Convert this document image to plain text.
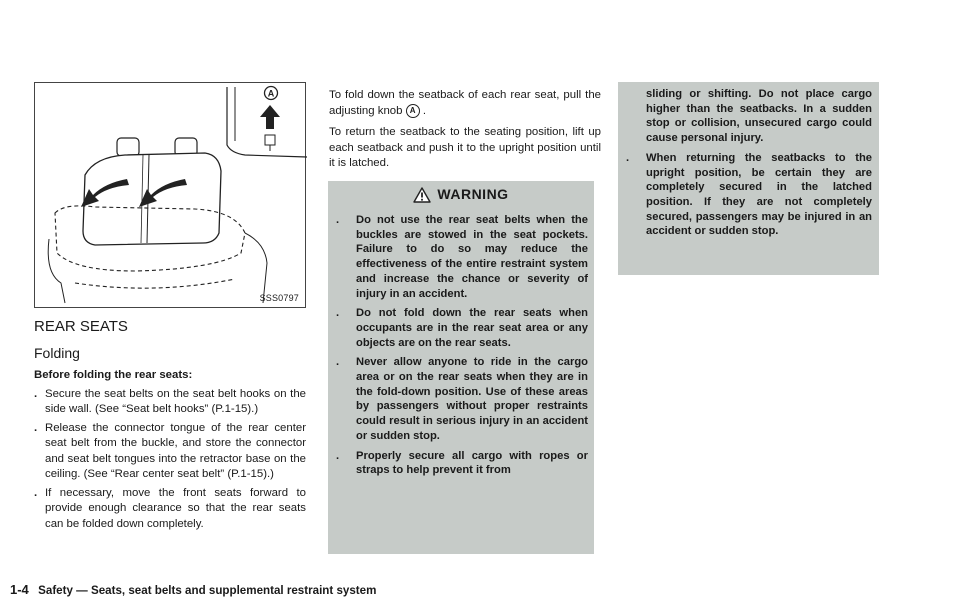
A
SSS0797
REAR SEATS
Folding
Before folding the rear seats:
. Secure the seat belts on the seat belt hooks on the side wall. (See “Seat belt hooks” (P.1-15).)
. Release the connector tongue of the rear center seat belt from the buckle, and store the connector and seat belt tongues into the retractor base on the ceiling. (See “Rear center seat belt” (P.1-15).)
. If necessary, move the front seats forward to provide enough clearance so that the rear seats can be folded down completely.

To fold down the seatback of each rear seat, pull the adjusting knob A .

To return the seatback to the seating position, lift up each seatback and push it to the upright position until it is latched.

WARNING
. Do not use the rear seat belts when the buckles are stowed in the seat pockets. Failure to do so may reduce the effectiveness of the entire restraint system and increase the chance or severity of injury in an accident.
. Do not fold down the rear seats when occupants are in the rear seat area or any objects are on the rear seats.
. Never allow anyone to ride in the cargo area or on the rear seats when they are in the fold-down position. Use of these areas by passengers without proper restraints could result in serious injury in an accident or sudden stop.
. Properly secure all cargo with ropes or straps to help prevent it from
sliding or shifting. Do not place cargo higher than the seatbacks. In a sudden stop or collision, unsecured cargo could cause personal injury.
. When returning the seatbacks to the upright position, be certain they are completely secured in the latched position. If they are not completely secured, passengers may be injured in an accident or sudden stop.
1-4 Safety — Seats, seat belts and supplemental restraint system
